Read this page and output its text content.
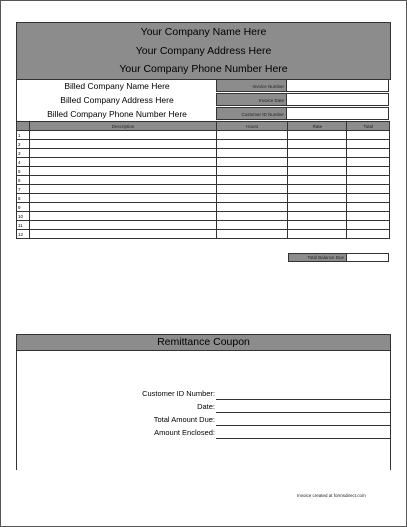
Your Company Name Here
Your Company Address Here
Your Company Phone Number Here
Billed Company Name Here
Billed Company Address Here
Billed Company Phone Number Here
Invoice Number
Invoice Date
Customer ID Number
	Description	Hours	Rate	Total
1				
2				
3				
4				
5				
6				
7				
8				
9				
10				
11				
12				
Total Balance Due
Remittance Coupon
Customer ID Number:
Date:
Total Amount Due:
Amount Enclosed:
Invoice created at formsdirect.com
